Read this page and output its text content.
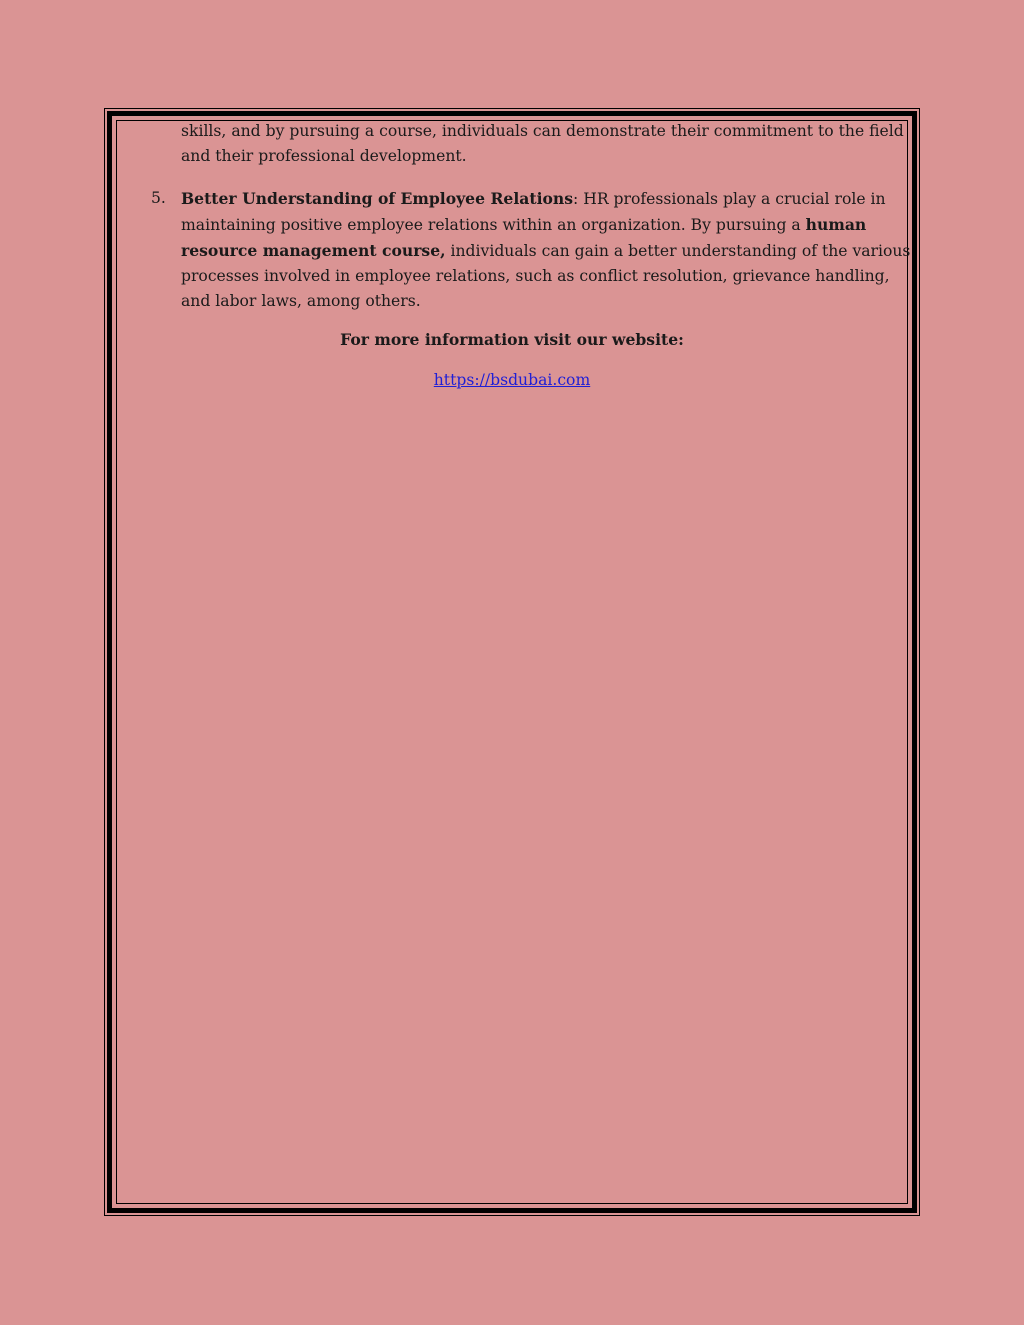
skills, and by pursuing a course, individuals can demonstrate their commitment to the field
and their professional development.

5. Better Understanding of Employee Relations: HR professionals play a crucial role in
maintaining positive employee relations within an organization. By pursuing a human
resource management course, individuals can gain a better understanding of the various
processes involved in employee relations, such as conflict resolution, grievance handling,
and labor laws, among others.

For more information visit our website:
https://bsdubai.com
